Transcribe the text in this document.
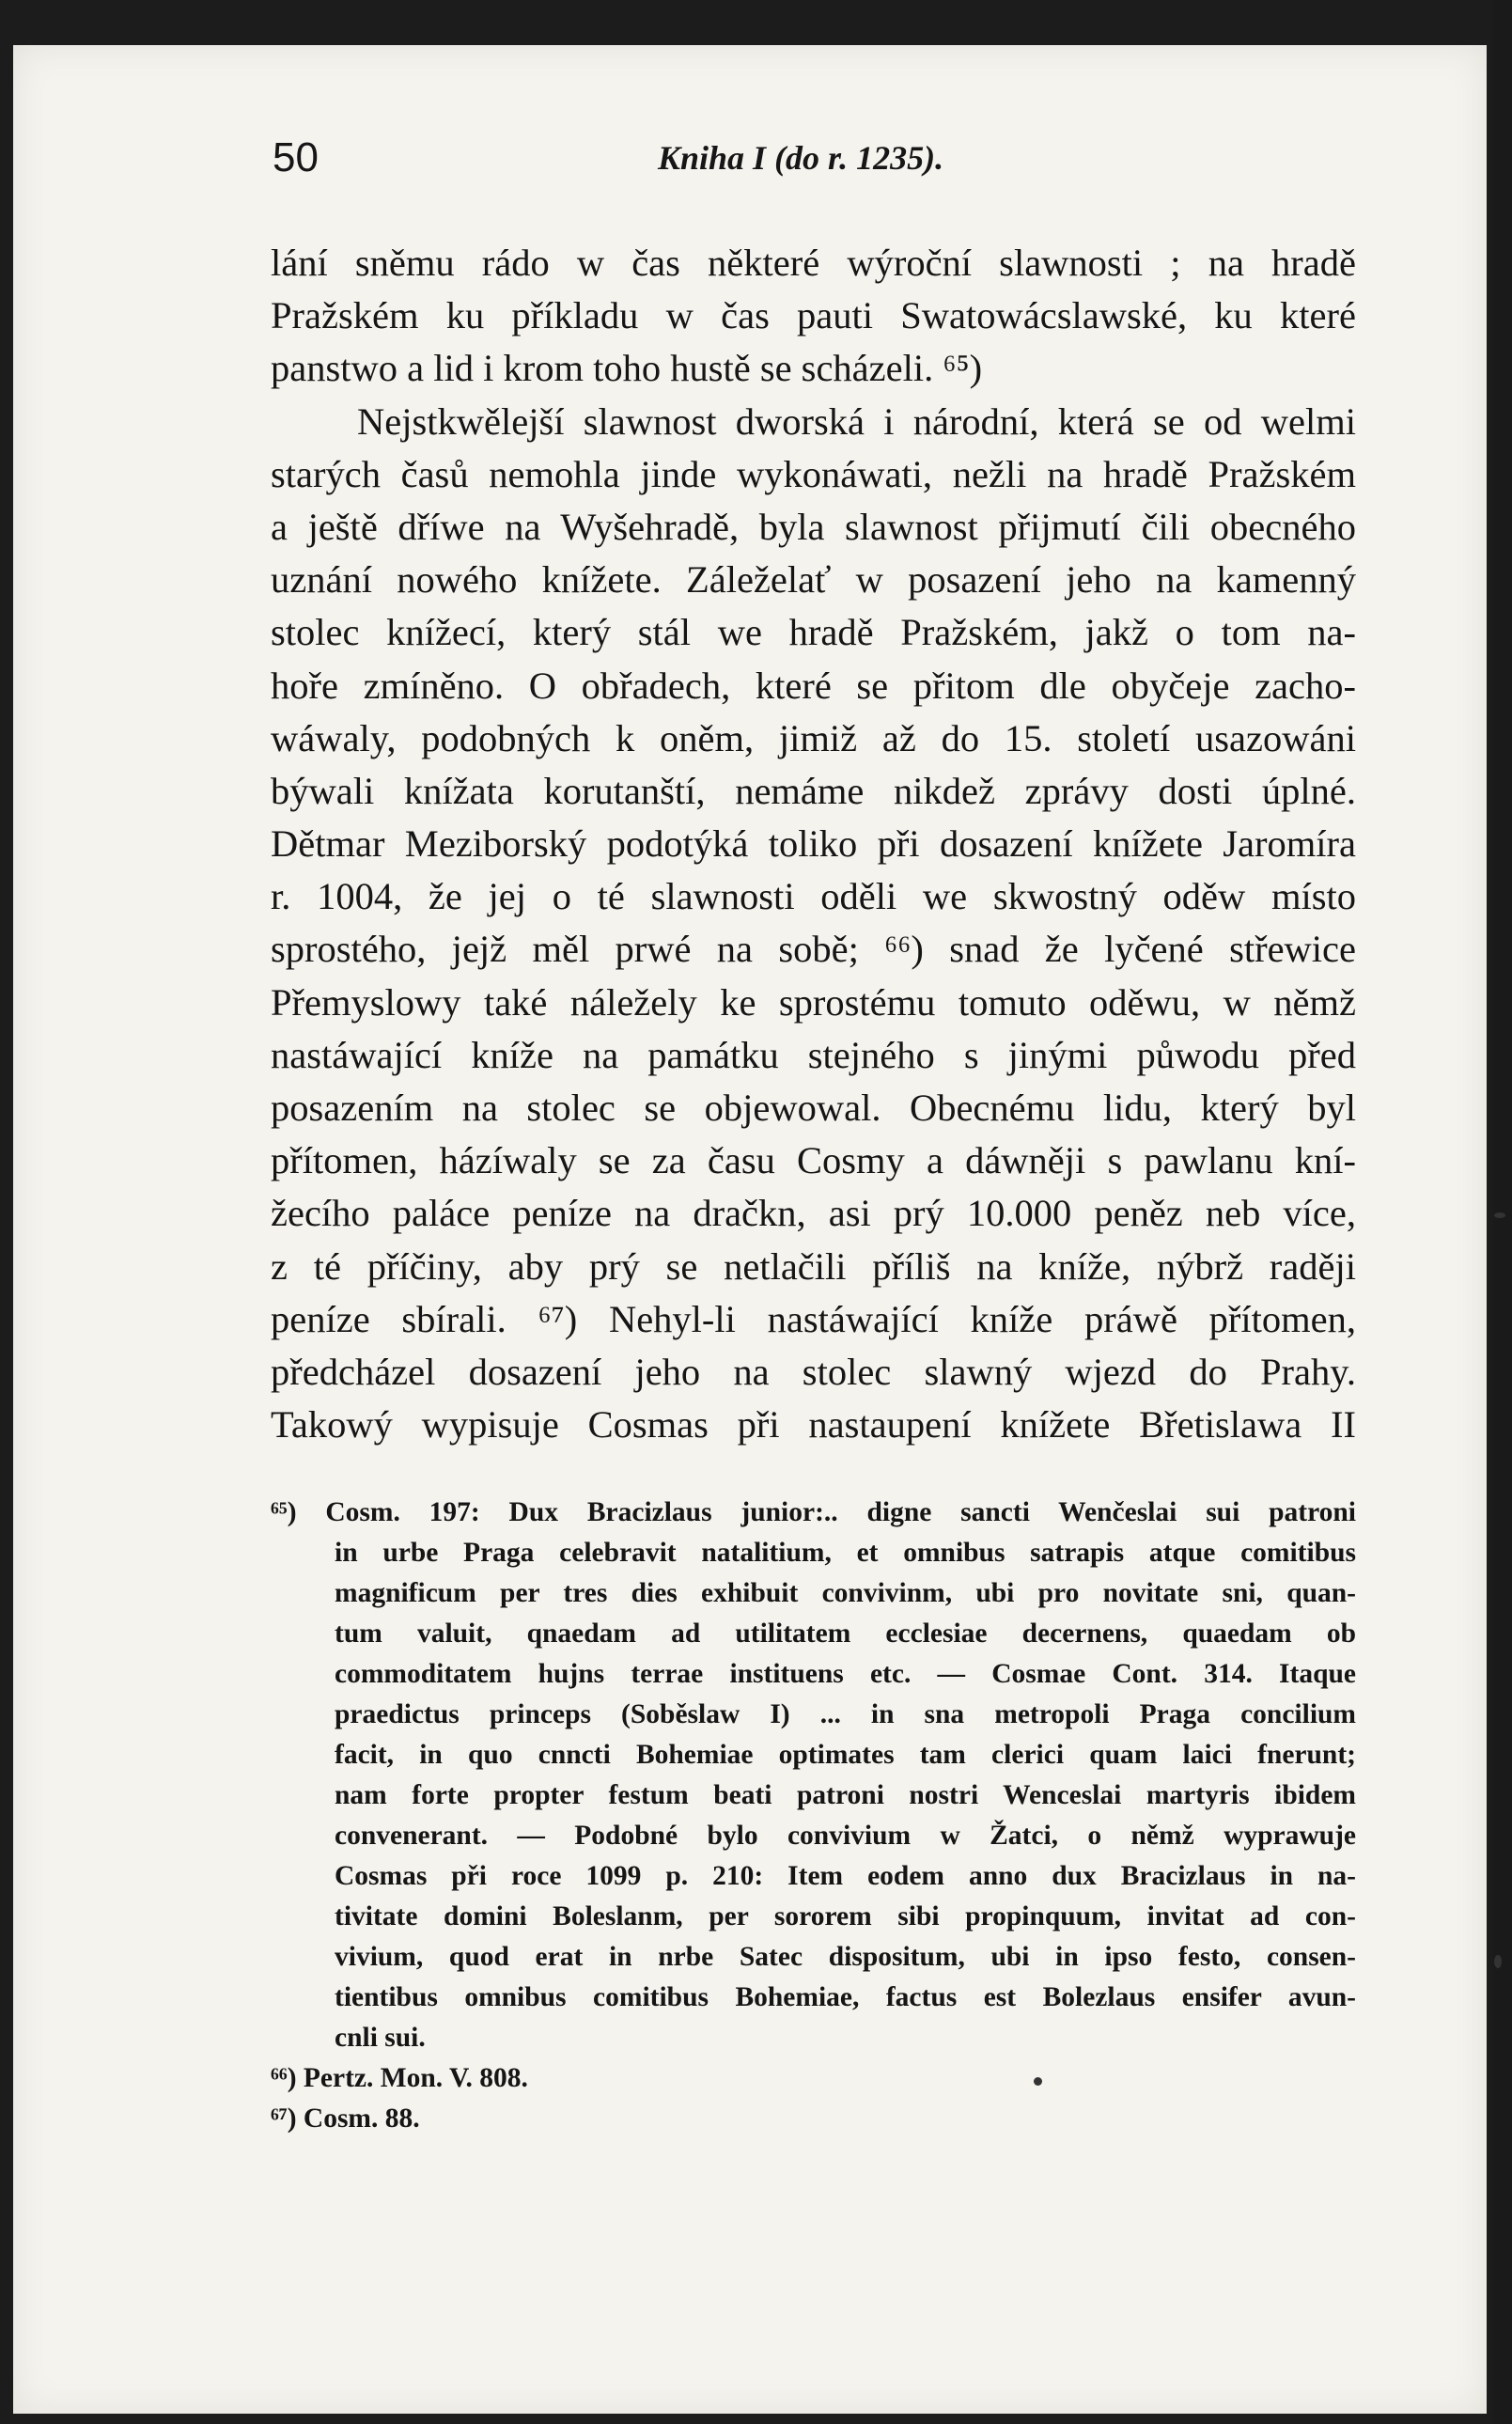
50	Kniha I (do r. 1235).
lání sněmu rádo w čas některé wýroční slawnosti ; na hradě
Pražském ku příkladu w čas pauti Swatowácslawské, ku které
panstwo a lid i krom toho hustě se scházeli. ⁶⁵)
Nejstkwělejší slawnost dworská i národní, která se od welmi
starých časů nemohla jinde wykonáwati, nežli na hradě Pražském
a ještě dříwe na Wyšehradě, byla slawnost přijmutí čili obecného
uznání nowého knížete. Záleželať w posazení jeho na kamenný
stolec knížecí, který stál we hradě Pražském, jakž o tom na-
hoře zmíněno. O obřadech, které se přitom dle obyčeje zacho-
wáwaly, podobných k oněm, jimiž až do 15. století usazowáni
býwali knížata korutanští, nemáme nikdež zprávy dosti úplné.
Dětmar Meziborský podotýká toliko při dosazení knížete Jaromíra
r. 1004, že jej o té slawnosti oděli we skwostný oděw místo
sprostého, jejž měl prwé na sobě; ⁶⁶) snad že lyčené střewice
Přemyslowy také náležely ke sprostému tomuto oděwu, w němž
nastáwající kníže na památku stejného s jinými půwodu před
posazením na stolec se objewowal. Obecnému lidu, který byl
přítomen, házíwaly se za času Cosmy a dáwněji s pawlanu kní-
žecího paláce peníze na dračkn, asi prý 10.000 peněz neb více,
z té příčiny, aby prý se netlačili příliš na kníže, nýbrž raději
peníze sbírali. ⁶⁷) Nehyl-li nastáwající kníže práwě přítomen,
předcházel dosazení jeho na stolec slawný wjezd do Prahy.
Takowý wypisuje Cosmas při nastaupení knížete Břetislawa II
⁶⁵) Cosm. 197: Dux Bracizlaus junior:.. digne sancti Wenčeslai sui patroni
in urbe Praga celebravit natalitium, et omnibus satrapis atque comitibus
magnificum per tres dies exhibuit convivinm, ubi pro novitate sni, quan-
tum valuit, qnaedam ad utilitatem ecclesiae decernens, quaedam ob
commoditatem hujns terrae instituens etc. — Cosmae Cont. 314. Itaque
praedictus princeps (Soběslaw I) ... in sna metropoli Praga concilium
facit, in quo cnncti Bohemiae optimates tam clerici quam laici fnerunt;
nam forte propter festum beati patroni nostri Wenceslai martyris ibidem
convenerant. — Podobné bylo convivium w Žatci, o němž wyprawuje
Cosmas při roce 1099 p. 210: Item eodem anno dux Bracizlaus in na-
tivitate domini Boleslanm, per sororem sibi propinquum, invitat ad con-
vivium, quod erat in nrbe Satec dispositum, ubi in ipso festo, consen-
tientibus omnibus comitibus Bohemiae, factus est Bolezlaus ensifer avun-
cnli sui.
⁶⁶) Pertz. Mon. V. 808.
⁶⁷) Cosm. 88.
